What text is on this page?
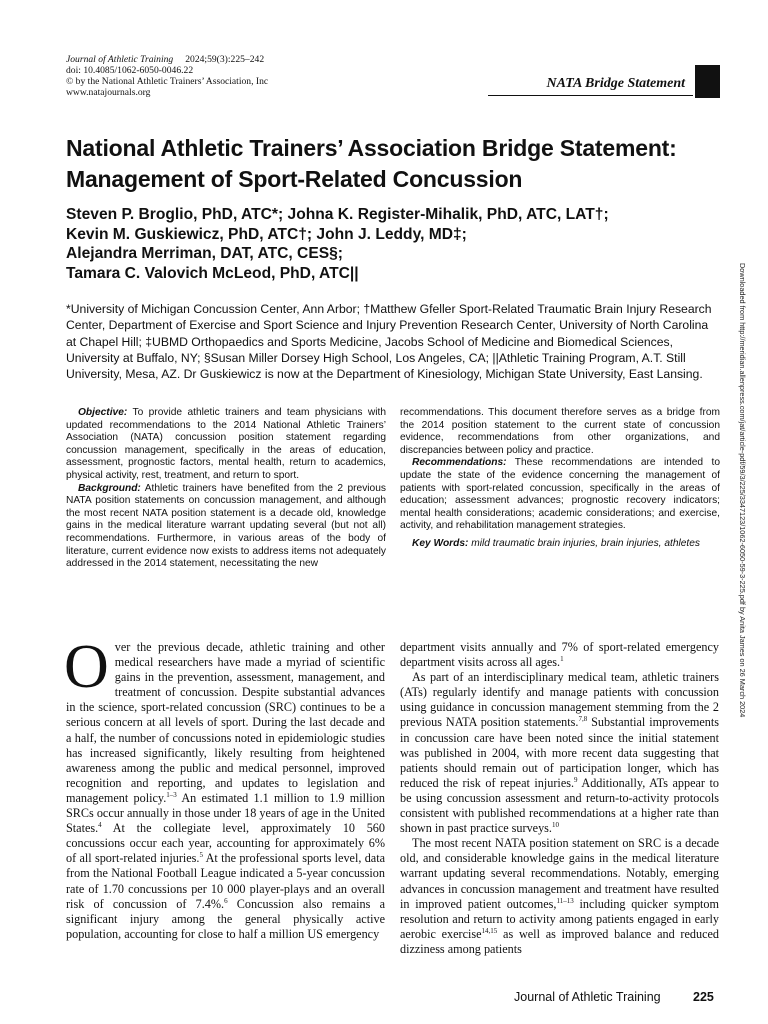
Journal of Athletic Training 2024;59(3):225–242
doi: 10.4085/1062-6050-0046.22
© by the National Athletic Trainers’ Association, Inc
www.natajournals.org
NATA Bridge Statement
National Athletic Trainers’ Association Bridge Statement: Management of Sport-Related Concussion
Steven P. Broglio, PhD, ATC*; Johna K. Register-Mihalik, PhD, ATC, LAT†;
Kevin M. Guskiewicz, PhD, ATC†; John J. Leddy, MD‡;
Alejandra Merriman, DAT, ATC, CES§;
Tamara C. Valovich McLeod, PhD, ATC||
*University of Michigan Concussion Center, Ann Arbor; †Matthew Gfeller Sport-Related Traumatic Brain Injury Research Center, Department of Exercise and Sport Science and Injury Prevention Research Center, University of North Carolina at Chapel Hill; ‡UBMD Orthopaedics and Sports Medicine, Jacobs School of Medicine and Biomedical Sciences, University at Buffalo, NY; §Susan Miller Dorsey High School, Los Angeles, CA; ||Athletic Training Program, A.T. Still University, Mesa, AZ. Dr Guskiewicz is now at the Department of Kinesiology, Michigan State University, East Lansing.	Downloaded from http://meridian.allenpress.com/jat/article-pdf/59/3/225/3347123/1062-6050-59-3-225.pdf by Anita James on 26 March 2024

Objective: To provide athletic trainers and team physicians with updated recommendations to the 2014 National Athletic Trainers’ Association (NATA) concussion position statement regarding concussion management, specifically in the areas of education, assessment, prognostic factors, mental health, return to academics, physical activity, rest, treatment, and return to sport.

Background: Athletic trainers have benefited from the 2 previous NATA position statements on concussion management, and although the most recent NATA position statement is a decade old, knowledge gains in the medical literature warrant updating several (but not all) recommendations. Furthermore, in various areas of the body of literature, current evidence now exists to address items not adequately addressed in the 2014 statement, necessitating the new

recommendations. This document therefore serves as a bridge from the 2014 position statement to the current state of concussion evidence, recommendations from other organizations, and discrepancies between policy and practice.

Recommendations: These recommendations are intended to update the state of the evidence concerning the management of patients with sport-related concussion, specifically in the areas of education; assessment advances; prognostic recovery indicators; mental health considerations; academic considerations; and exercise, activity, and rehabilitation management strategies.

Key Words: mild traumatic brain injuries, brain injuries, athletes

Over the previous decade, athletic training and other medical researchers have made a myriad of scientific gains in the prevention, assessment, management, and treatment of concussion. Despite substantial advances in the science, sport-related concussion (SRC) continues to be a serious concern at all levels of sport. During the last decade and a half, the number of concussions noted in epidemiologic studies has increased significantly, likely resulting from heightened awareness among the public and medical personnel, improved recognition and reporting, and updates to legislation and management policy.$^{1-3}$ An estimated 1.1 million to 1.9 million SRCs occur annually in those under 18 years of age in the United States.$^4$ At the collegiate level, approximately 10 560 concussions occur each year, accounting for approximately 6% of all sport-related injuries.$^5$ At the professional sports level, data from the National Football League indicated a 5-year concussion rate of 1.70 concussions per 10 000 player-plays and an overall risk of concussion of 7.4%.$^6$ Concussion also remains a significant injury among the general physically active population, accounting for close to half a million US emergency

department visits annually and 7% of sport-related emergency department visits across all ages.$^1$

As part of an interdisciplinary medical team, athletic trainers (ATs) regularly identify and manage patients with concussion using guidance in concussion management stemming from the 2 previous NATA position statements.$^{7,8}$ Substantial improvements in concussion care have been noted since the initial statement was published in 2004, with more recent data suggesting that patients should remain out of participation longer, which has reduced the risk of repeat injuries.$^9$ Additionally, ATs appear to be using concussion assessment and return-to-activity protocols consistent with published recommendations at a higher rate than shown in past practice surveys.$^{10}$

The most recent NATA position statement on SRC is a decade old, and considerable knowledge gains in the medical literature warrant updating several recommendations. Notably, emerging advances in concussion management and treatment have resulted in improved patient outcomes,$^{11-13}$ including quicker symptom resolution and return to activity among patients engaged in early aerobic exercise$^{14,15}$ as well as improved balance and reduced dizziness among patients

Journal of Athletic Training	225
